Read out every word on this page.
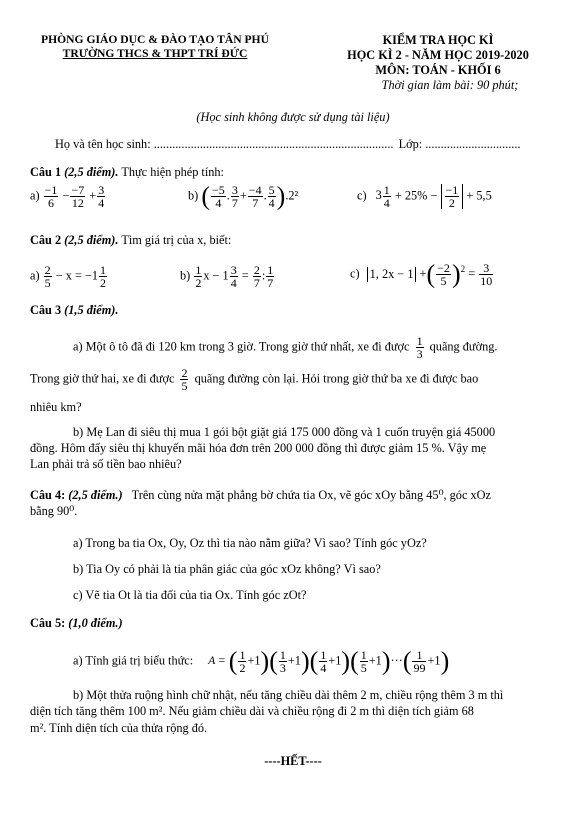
PHÒNG GIÁO DỤC & ĐÀO TẠO TÂN PHÚ
TRƯỜNG THCS & THPT TRÍ ĐỨC
KIỂM TRA HỌC KÌ
HỌC KÌ 2 - NĂM HỌC 2019-2020
MÔN: TOÁN - KHỐI 6
Thời gian làm bài: 90 phút;
(Học sinh không được sử dụng tài liệu)
Họ và tên học sinh: .............................................................................. Lớp: ...............................
Câu 1 (2,5 điểm). Thực hiện phép tính:
$a) \frac{-1}{6} - \frac{-7}{12} + \frac{3}{4}$	b) ( $\frac{-5}{4}$ . $\frac{3}{7} + \frac{-4}{7}$ . $\frac{5}{4} ).2^2$	c) $3 \frac{1}{4} + 25\% - \frac{-1}{2} + 5,5$
Câu 2 (2,5 điểm). Tìm giá trị của x, biết:
$a) \frac{2}{5} - x = -1 \frac{1}{2}$	$b) \frac{1}{2}$ $x - 1 \frac{3}{4} = \frac{2}{7}$ : $\frac{1}{7}$	c) 1, 2x − 1 +( $\frac{-2}{5} )^2 = \frac{3}{10}$
Câu 3 (1,5 điểm).
a) Một ô tô đã đi 120 km trong 3 giờ. Trong giờ thứ nhất, xe đi được $\frac{1}{3}$ quãng đường.
Trong giờ thứ hai, xe đi được $\frac{2}{5}$ quãng đường còn lại. Hỏi trong giờ thứ ba xe đi được bao
nhiêu km?
b) Mẹ Lan đi siêu thị mua 1 gói bột giặt giá 175 000 đồng và 1 cuốn truyện giá 45000
đồng. Hôm đấy siêu thị khuyến mãi hóa đơn trên 200 000 đồng thì được giảm 15 %. Vậy mẹ
Lan phải trả số tiền bao nhiêu?
Câu 4: (2,5 điểm.) Trên cùng nửa mặt phẳng bờ chứa tia Ox, vẽ góc xOy bằng 45⁰, góc xOz
bằng 90⁰.
a) Trong ba tia Ox, Oy, Oz thì tia nào nằm giữa? Vì sao? Tính góc yOz?
b) Tia Oy có phải là tia phân giác của góc xOz không? Vì sao?
c) Vẽ tia Ot là tia đối của tia Ox. Tính góc zOt?
Câu 5: (1,0 điểm.)
a) Tính giá trị biểu thức: A = ( $\frac{1}{2} +1)( \frac{1}{3} +1)( \frac{1}{4} +1)( \frac{1}{5} +1)\cdot\cdot\cdot( \frac{1}{99} +1)$
b) Một thửa ruộng hình chữ nhật, nếu tăng chiều dài thêm 2 m, chiều rộng thêm 3 m thì
diện tích tăng thêm 100 m². Nếu giảm chiều dài và chiều rộng đi 2 m thì diện tích giảm 68
m². Tính diện tích của thửa rộng đó.
----HẾT----
